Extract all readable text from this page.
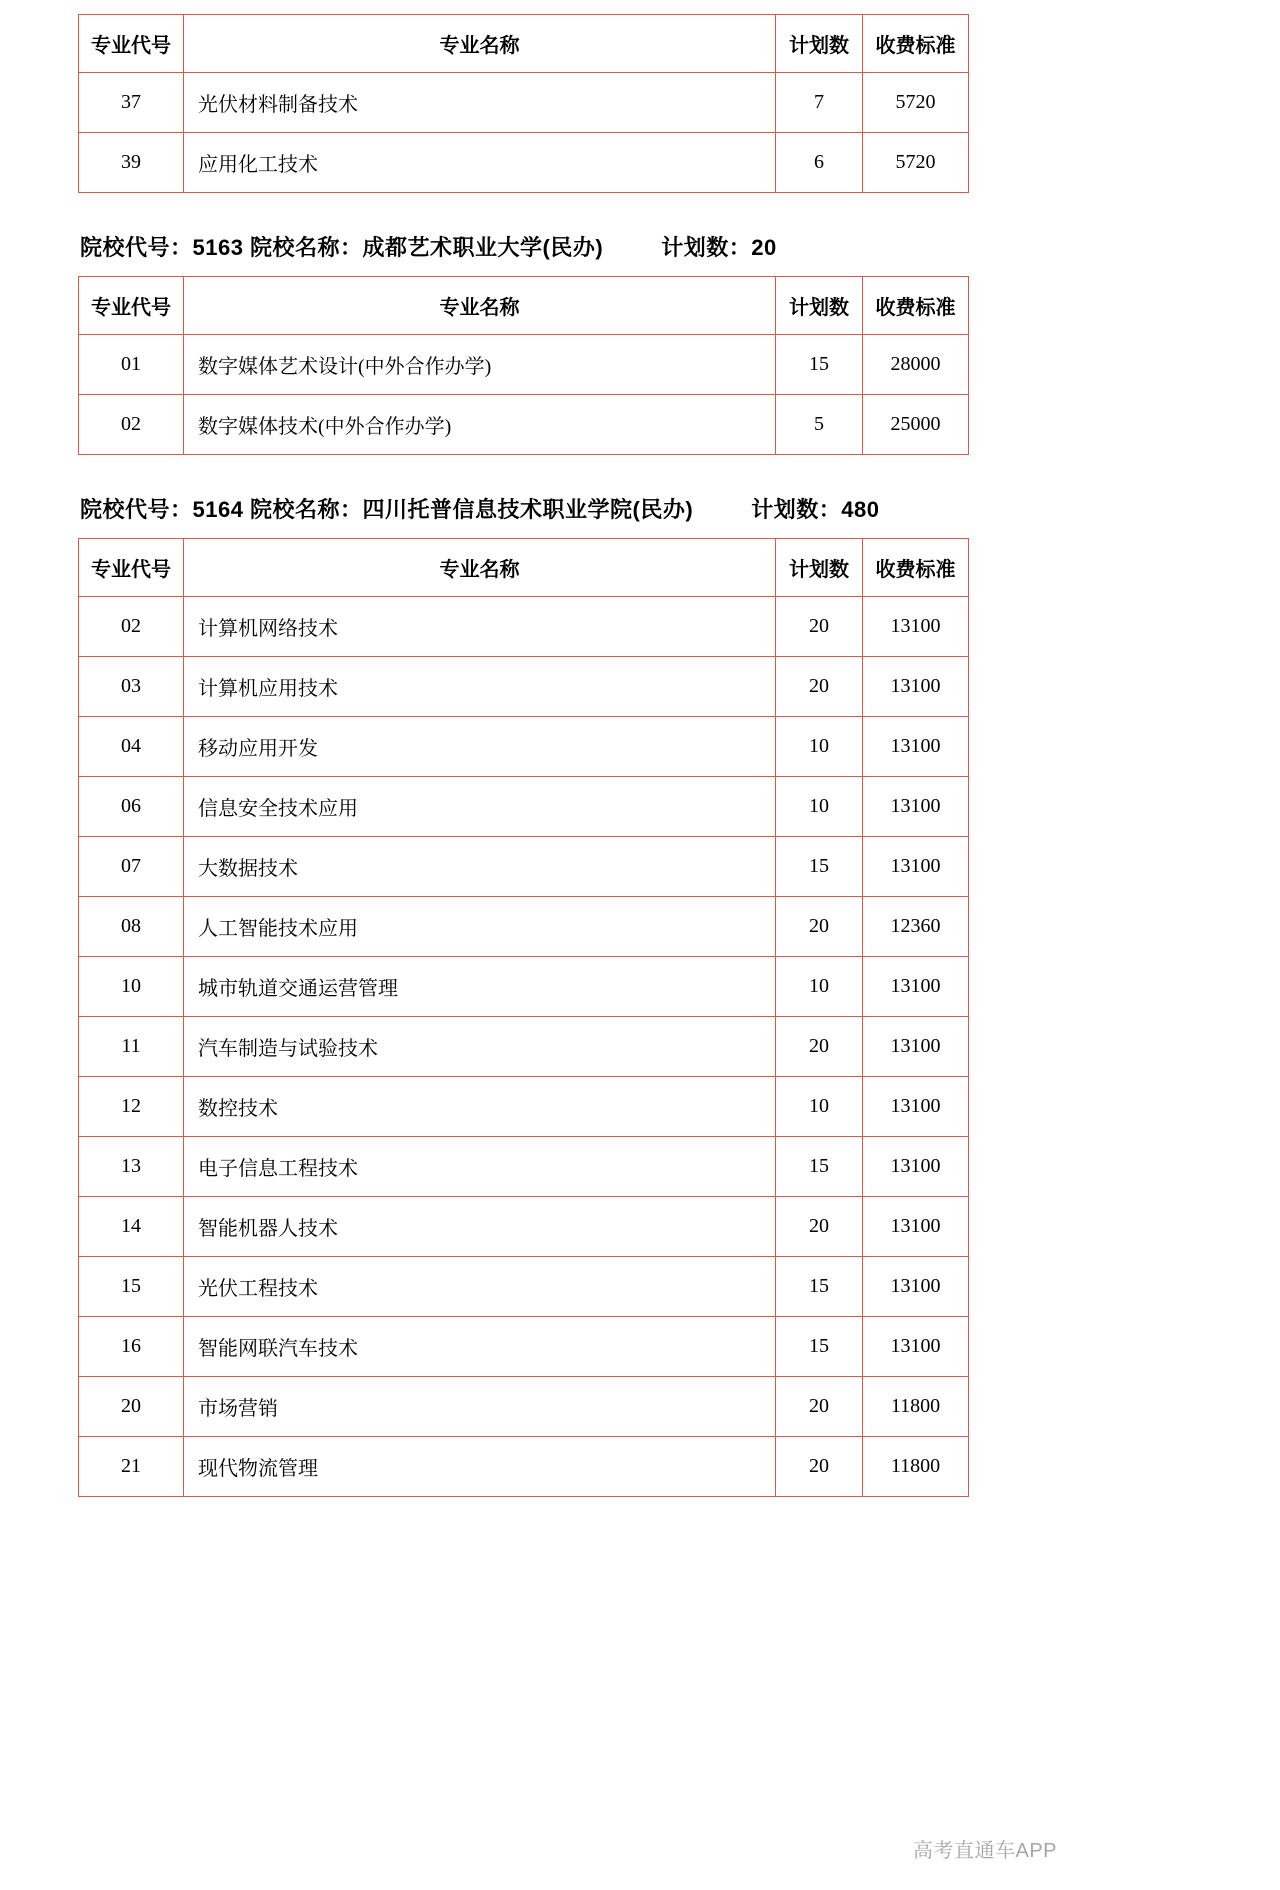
专业代号	专业名称	计划数	收费标准
37	光伏材料制备技术	7	5720
39	应用化工技术	6	5720
院校代号：5163 院校名称：成都艺术职业大学(民办)	计划数：20
专业代号	专业名称	计划数	收费标准
01	数字媒体艺术设计(中外合作办学)	15	28000
02	数字媒体技术(中外合作办学)	5	25000
院校代号：5164 院校名称：四川托普信息技术职业学院(民办)	计划数：480
专业代号	专业名称	计划数	收费标准
02	计算机网络技术	20	13100
03	计算机应用技术	20	13100
04	移动应用开发	10	13100
06	信息安全技术应用	10	13100
07	大数据技术	15	13100
08	人工智能技术应用	20	12360
10	城市轨道交通运营管理	10	13100
11	汽车制造与试验技术	20	13100
12	数控技术	10	13100
13	电子信息工程技术	15	13100
14	智能机器人技术	20	13100
15	光伏工程技术	15	13100
16	智能网联汽车技术	15	13100
20	市场营销	20	11800
21	现代物流管理	20	11800
高考直通车APP
